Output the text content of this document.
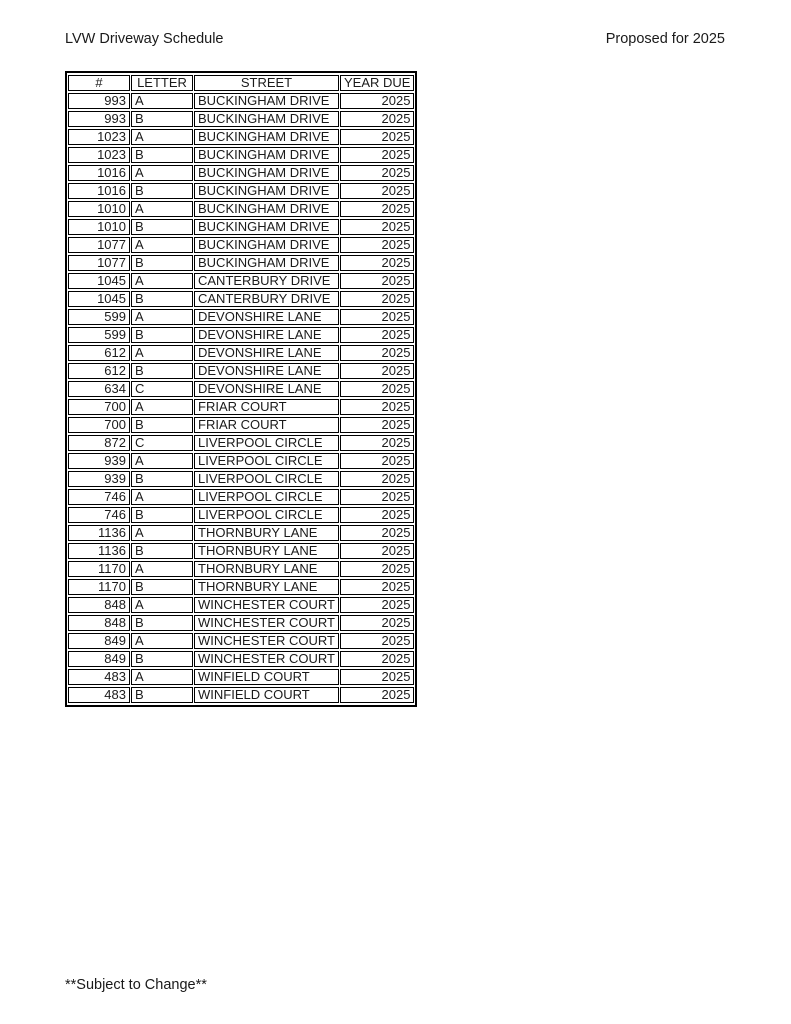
LVW Driveway Schedule	Proposed for 2025
#	LETTER	STREET	YEAR DUE
993	A	BUCKINGHAM DRIVE	2025
993	B	BUCKINGHAM DRIVE	2025
1023	A	BUCKINGHAM DRIVE	2025
1023	B	BUCKINGHAM DRIVE	2025
1016	A	BUCKINGHAM DRIVE	2025
1016	B	BUCKINGHAM DRIVE	2025
1010	A	BUCKINGHAM DRIVE	2025
1010	B	BUCKINGHAM DRIVE	2025
1077	A	BUCKINGHAM DRIVE	2025
1077	B	BUCKINGHAM DRIVE	2025
1045	A	CANTERBURY DRIVE	2025
1045	B	CANTERBURY DRIVE	2025
599	A	DEVONSHIRE LANE	2025
599	B	DEVONSHIRE LANE	2025
612	A	DEVONSHIRE LANE	2025
612	B	DEVONSHIRE LANE	2025
634	C	DEVONSHIRE LANE	2025
700	A	FRIAR COURT	2025
700	B	FRIAR COURT	2025
872	C	LIVERPOOL CIRCLE	2025
939	A	LIVERPOOL CIRCLE	2025
939	B	LIVERPOOL CIRCLE	2025
746	A	LIVERPOOL CIRCLE	2025
746	B	LIVERPOOL CIRCLE	2025
1136	A	THORNBURY LANE	2025
1136	B	THORNBURY LANE	2025
1170	A	THORNBURY LANE	2025
1170	B	THORNBURY LANE	2025
848	A	WINCHESTER COURT	2025
848	B	WINCHESTER COURT	2025
849	A	WINCHESTER COURT	2025
849	B	WINCHESTER COURT	2025
483	A	WINFIELD COURT	2025
483	B	WINFIELD COURT	2025
**Subject to Change**
